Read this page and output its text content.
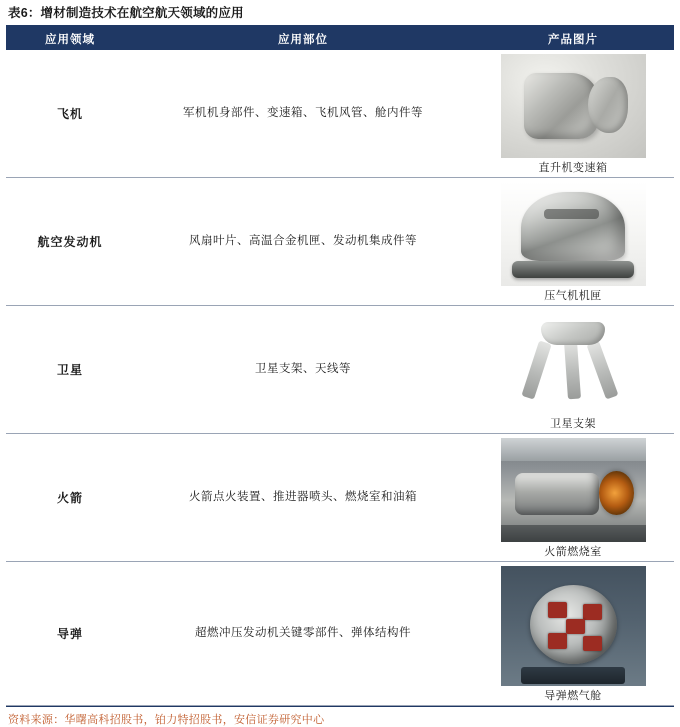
表6：增材制造技术在航空航天领域的应用
应用领域	应用部位	产品图片
飞机	军机机身部件、变速箱、飞机风管、舱内件等	直升机变速箱

航空发动机	风扇叶片、高温合金机匣、发动机集成件等	压气机机匣

卫星	卫星支架、天线等	卫星支架

火箭	火箭点火装置、推进器喷头、燃烧室和油箱	火箭燃烧室

导弹	超燃冲压发动机关键零部件、弹体结构件	导弹燃气舱
资料来源：华曙高科招股书，铂力特招股书，安信证券研究中心
